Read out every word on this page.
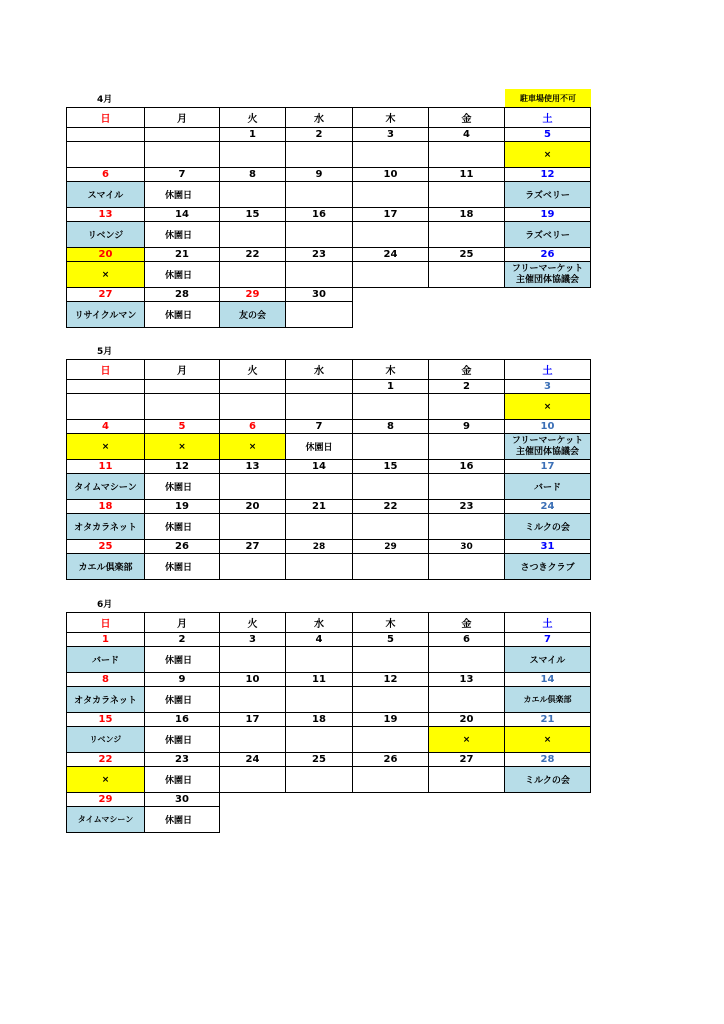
4月	駐車場使用不可
日	月	火	水	木	金	土
		1	2	3	4	5
						×
6	7	8	9	10	11	12
スマイル	休園日					ラズベリー
13	14	15	16	17	18	19
リベンジ	休園日					ラズベリー
20	21	22	23	24	25	26
×	休園日					フリーマーケット
主催団体協議会
27	28	29	30			
リサイクルマン	休園日	友の会				
5月
日	月	火	水	木	金	土
				1	2	3
						×
4	5	6	7	8	9	10
×	×	×	休園日			フリーマーケット
主催団体協議会
11	12	13	14	15	16	17
タイムマシーン	休園日					バード
18	19	20	21	22	23	24
オタカラネット	休園日					ミルクの会
25	26	27	28	29	30	31
カエル倶楽部	休園日					さつきクラブ
6月
日	月	火	水	木	金	土
1	2	3	4	5	6	7
バード	休園日					スマイル
8	9	10	11	12	13	14
オタカラネット	休園日					カエル倶楽部
15	16	17	18	19	20	21
リベンジ	休園日				×	×
22	23	24	25	26	27	28
×	休園日					ミルクの会
29	30					
タイムマシーン	休園日					
